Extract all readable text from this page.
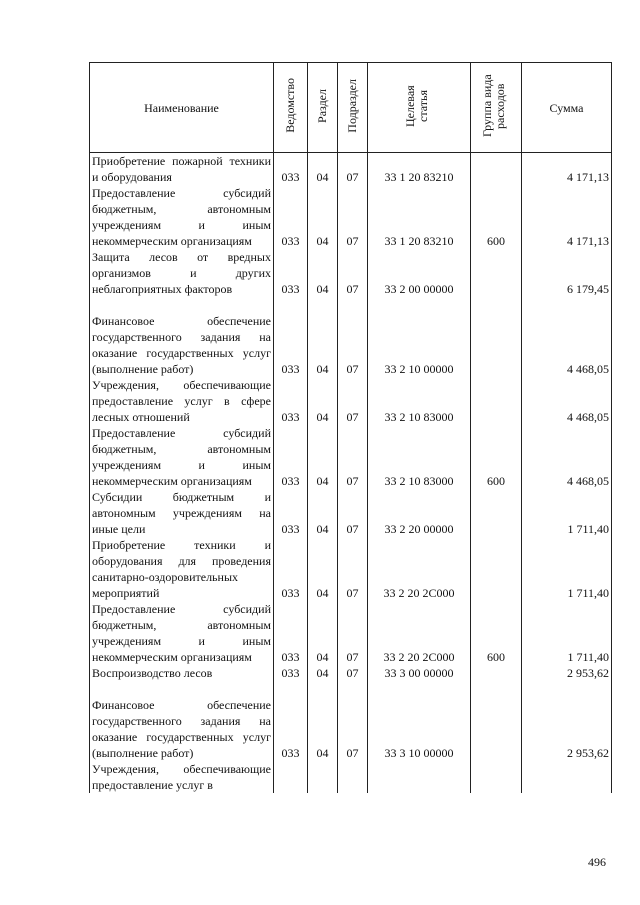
Наименование	Ведомство	Раздел	Подраздел	Целевая статья	Группа вида расходов	Сумма
Приобретение пожарной техники и оборудования	033	04	07	33 1 20 83210		4 171,13
Предоставление субсидий бюджетным, автономным учреждениям и иным некоммерческим организациям	033	04	07	33 1 20 83210	600	4 171,13
Защита лесов от вредных организмов и других неблагоприятных факторов	033	04	07	33 2 00 00000		6 179,45
Финансовое обеспечение государственного задания на оказание государственных услуг (выполнение работ)	033	04	07	33 2 10 00000		4 468,05
Учреждения, обеспечивающие предоставление услуг в сфере лесных отношений	033	04	07	33 2 10 83000		4 468,05
Предоставление субсидий бюджетным, автономным учреждениям и иным некоммерческим организациям	033	04	07	33 2 10 83000	600	4 468,05
Субсидии бюджетным и автономным учреждениям на иные цели	033	04	07	33 2 20 00000		1 711,40
Приобретение техники и оборудования для проведения санитарно-оздоровительных мероприятий	033	04	07	33 2 20 2C000		1 711,40
Предоставление субсидий бюджетным, автономным учреждениям и иным некоммерческим организациям	033	04	07	33 2 20 2C000	600	1 711,40
Воспроизводство лесов	033	04	07	33 3 00 00000		2 953,62
Финансовое обеспечение государственного задания на оказание государственных услуг (выполнение работ)	033	04	07	33 3 10 00000		2 953,62
Учреждения, обеспечивающие предоставление услуг в						
496
